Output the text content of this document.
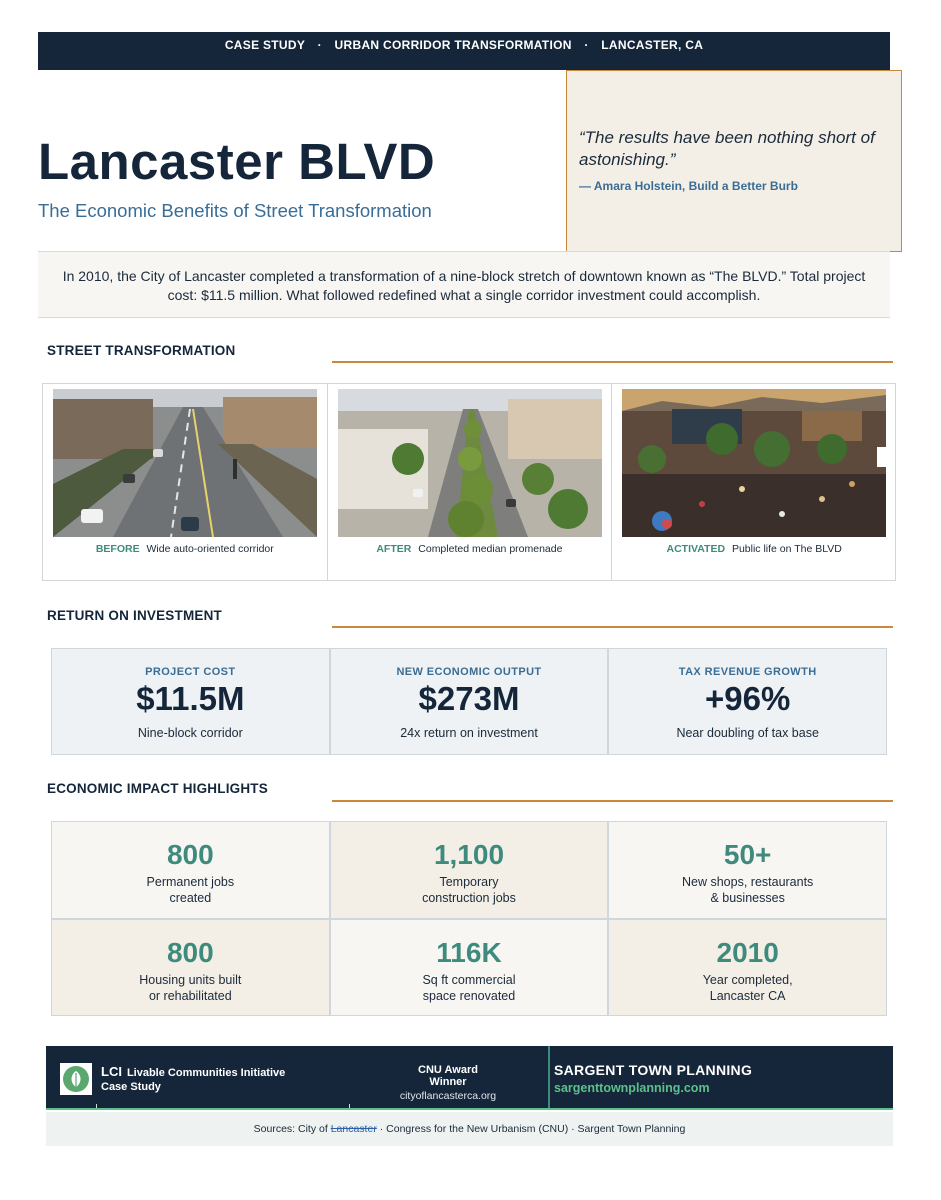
CASE STUDY · URBAN CORRIDOR TRANSFORMATION · LANCASTER, CA
Lancaster BLVD
The Economic Benefits of Street Transformation
“The results have been nothing short of astonishing.”
— Amara Holstein, Build a Better Burb
In 2010, the City of Lancaster completed a transformation of a nine-block stretch of downtown known as “The BLVD.” Total project cost: $11.5 million. What followed redefined what a single corridor investment could accomplish.
STREET TRANSFORMATION
BEFORE Wide auto-oriented corridor	AFTER Completed median promenade	ACTIVATED Public life on The BLVD
RETURN ON INVESTMENT
PROJECT COST
$11.5M
Nine-block corridor
NEW ECONOMIC OUTPUT
$273M
24x return on investment
TAX REVENUE GROWTH
+96%
Near doubling of tax base
ECONOMIC IMPACT HIGHLIGHTS
800
Permanent jobs
created
1,100
Temporary
construction jobs
50+
New shops, restaurants
& businesses
800
Housing units built
or rehabilitated
116K
Sq ft commercial
space renovated
2010
Year completed,
Lancaster CA
LCI Livable Communities Initiative
Case Study
CNU Award Winner
cityoflancasterca.org
SARGENT TOWN PLANNING
sargenttownplanning.com
Sources: City of Lancaster · Congress for the New Urbanism (CNU) · Sargent Town Planning
